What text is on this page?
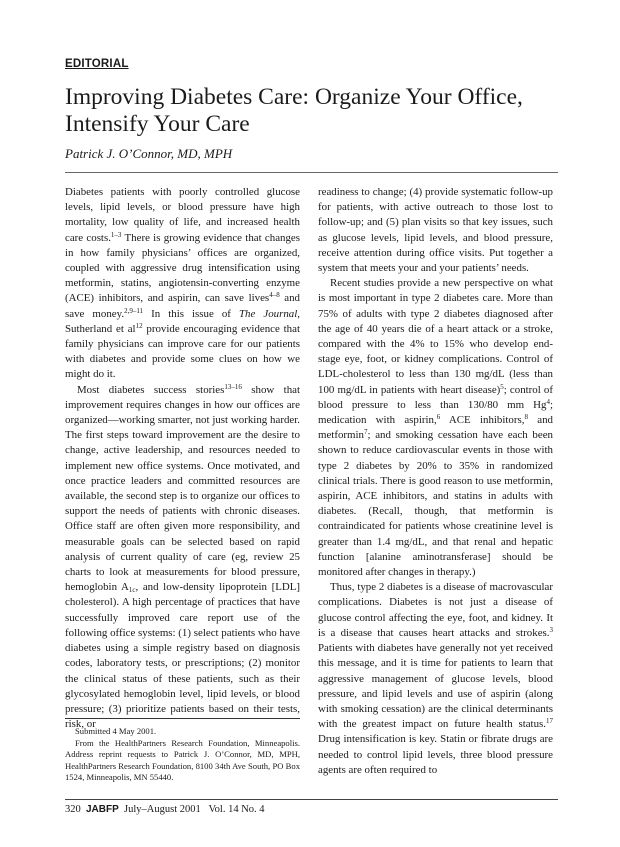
EDITORIAL
Improving Diabetes Care: Organize Your Office, Intensify Your Care
Patrick J. O’Connor, MD, MPH

Diabetes patients with poorly controlled glucose levels, lipid levels, or blood pressure have high mortality, low quality of life, and increased health care costs.$^{1-3}$ There is growing evidence that changes in how family physicians’ offices are organized, coupled with aggressive drug intensification using metformin, statins, angiotensin-converting enzyme (ACE) inhibitors, and aspirin, can save lives$^{4-8}$ and save money.$^{2,9-11}$ In this issue of The Journal, Sutherland et $al^{12}$ provide encouraging evidence that family physicians can improve care for our patients with diabetes and provide some clues on how we might do it.

Most diabetes success stories$^{13-16}$ show that improvement requires changes in how our offices are organized—working smarter, not just working harder. The first steps toward improvement are the desire to change, active leadership, and resources needed to implement new office systems. Once motivated, and once practice leaders and committed resources are available, the second step is to organize our offices to support the needs of patients with chronic diseases. Office staff are often given more responsibility, and measurable goals can be selected based on rapid analysis of current quality of care (eg, review 25 charts to look at measurements for blood pressure, hemoglobin $A_{1c}$, and low-density lipoprotein [LDL] cholesterol). A high percentage of practices that have successfully improved care report use of the following office systems: (1) select patients who have diabetes using a simple registry based on diagnosis codes, laboratory tests, or prescriptions; (2) monitor the clinical status of these patients, such as their glycosylated hemoglobin level, lipid levels, or blood pressure; (3) prioritize patients based on their tests, risk, or

readiness to change; (4) provide systematic follow-up for patients, with active outreach to those lost to follow-up; and (5) plan visits so that key issues, such as glucose levels, lipid levels, and blood pressure, receive attention during office visits. Put together a system that meets your and your patients’ needs.

Recent studies provide a new perspective on what is most important in type 2 diabetes care. More than 75% of adults with type 2 diabetes diagnosed after the age of 40 years die of a heart attack or a stroke, compared with the 4% to 15% who develop end-stage eye, foot, or kidney complications. Control of LDL-cholesterol to less than 130 mg/dL (less than 100 mg/dL in patients with heart disease)$^5$; control of blood pressure to less than 130/80 mm Hg$^4$; medication with aspirin,$^6$ ACE inhibitors,$^8$ and metformin$^7$; and smoking cessation have each been shown to reduce cardiovascular events in those with type 2 diabetes by 20% to 35% in randomized clinical trials. There is good reason to use metformin, aspirin, ACE inhibitors, and statins in adults with diabetes. (Recall, though, that metformin is contraindicated for patients whose creatinine level is greater than 1.4 mg/dL, and that renal and hepatic function [alanine aminotransferase] should be monitored after changes in therapy.)

Thus, type 2 diabetes is a disease of macrovascular complications. Diabetes is not just a disease of glucose control affecting the eye, foot, and kidney. It is a disease that causes heart attacks and strokes.$^3$ Patients with diabetes have generally not yet received this message, and it is time for patients to learn that aggressive management of glucose levels, blood pressure, and lipid levels and use of aspirin (along with smoking cessation) are the clinical determinants with the greatest impact on future health status.$^{17}$ Drug intensification is key. Statin or fibrate drugs are needed to control lipid levels, three blood pressure agents are often required to

Submitted 4 May 2001.

From the HealthPartners Research Foundation, Minneapolis. Address reprint requests to Patrick J. O’Connor, MD, MPH, HealthPartners Research Foundation, 8100 34th Ave South, PO Box 1524, Minneapolis, MN 55440.

320 JABFP July–August 2001   Vol. 14 No. 4
